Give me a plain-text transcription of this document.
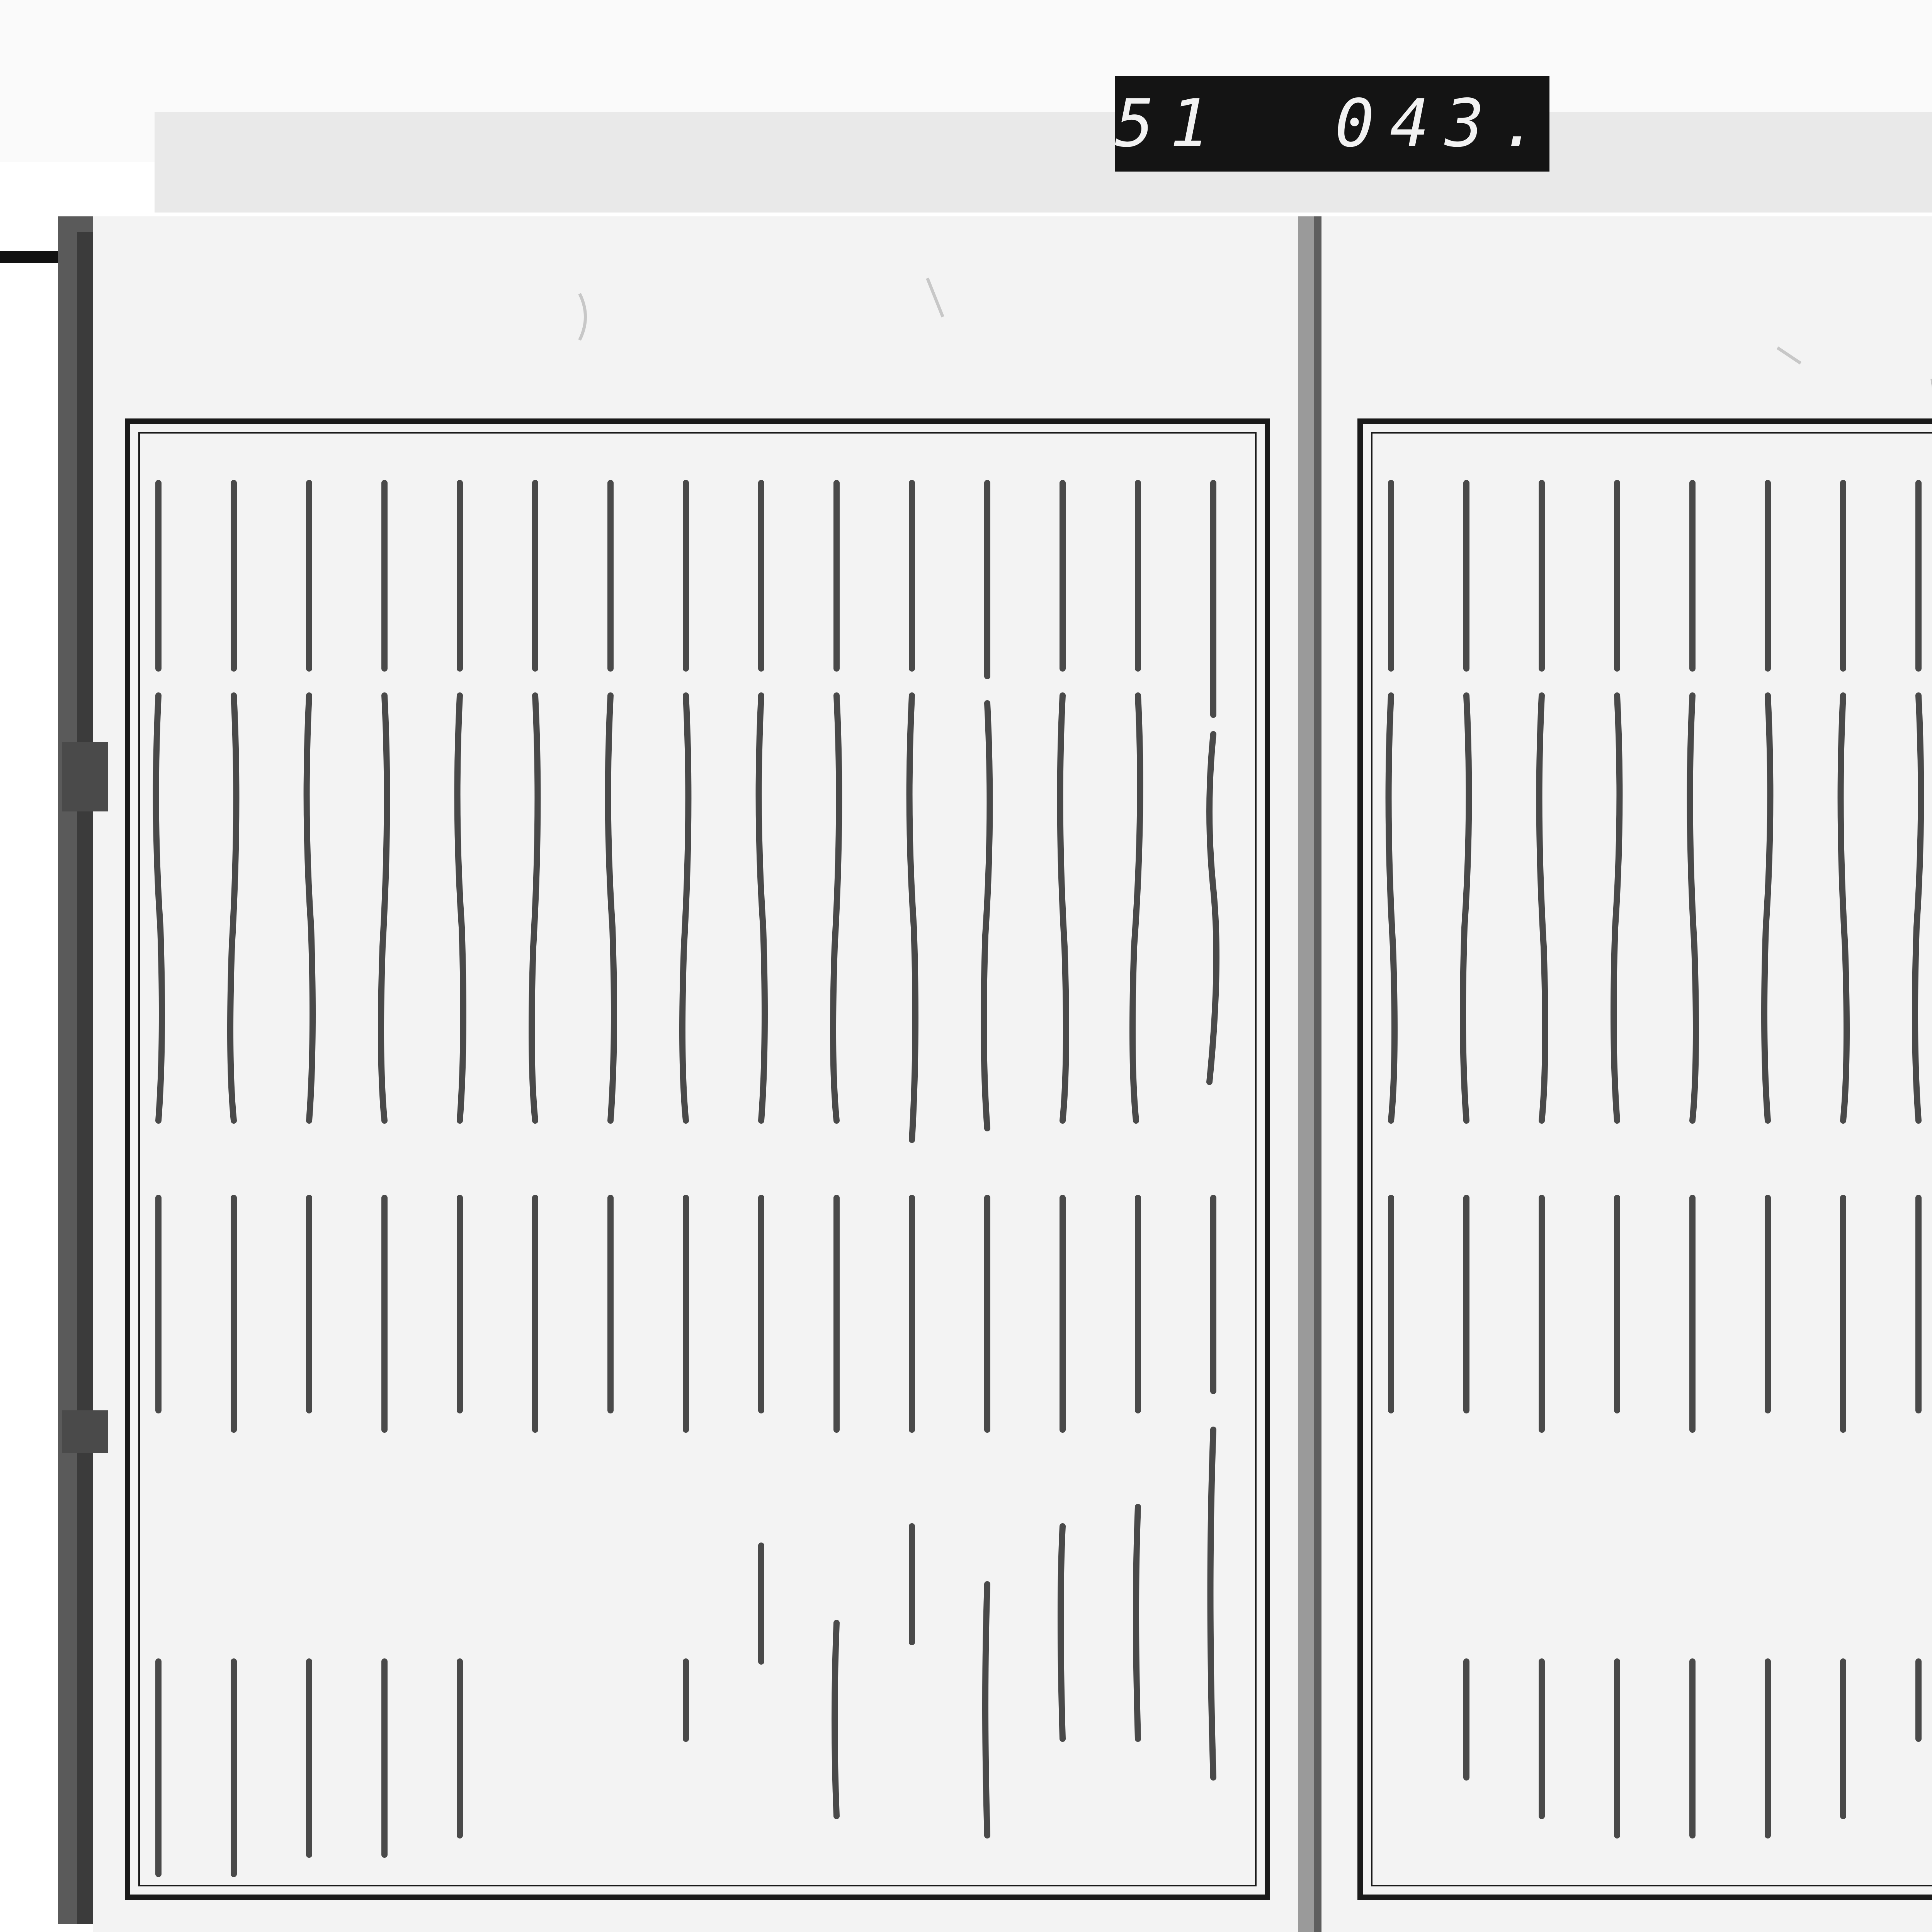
51  043.
